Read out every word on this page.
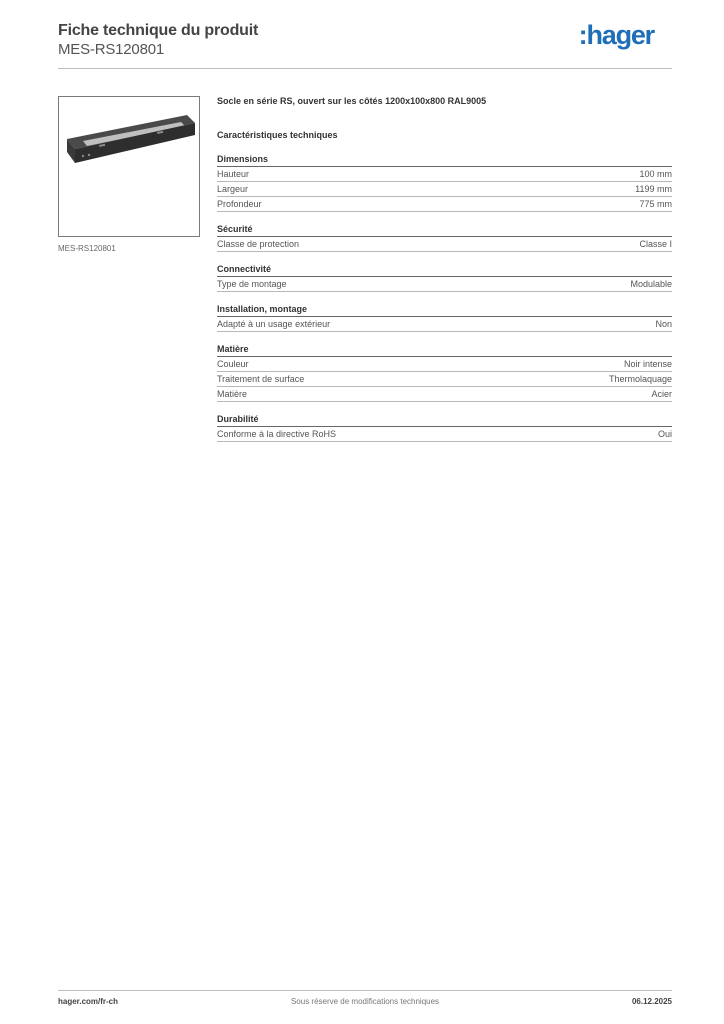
Fiche technique du produit
MES-RS120801	:hager
MES-RS120801
Socle en série RS, ouvert sur les côtés 1200x100x800 RAL9005
Caractéristiques techniques
Dimensions
Hauteur	100 mm
Largeur	1199 mm
Profondeur	775 mm
Sécurité
Classe de protection	Classe I
Connectivité
Type de montage	Modulable
Installation, montage
Adapté à un usage extérieur	Non
Matière
Couleur	Noir intense
Traitement de surface	Thermolaquage
Matière	Acier
Durabilité
Conforme à la directive RoHS	Oui
hager.com/fr-ch	Sous réserve de modifications techniques	06.12.2025
